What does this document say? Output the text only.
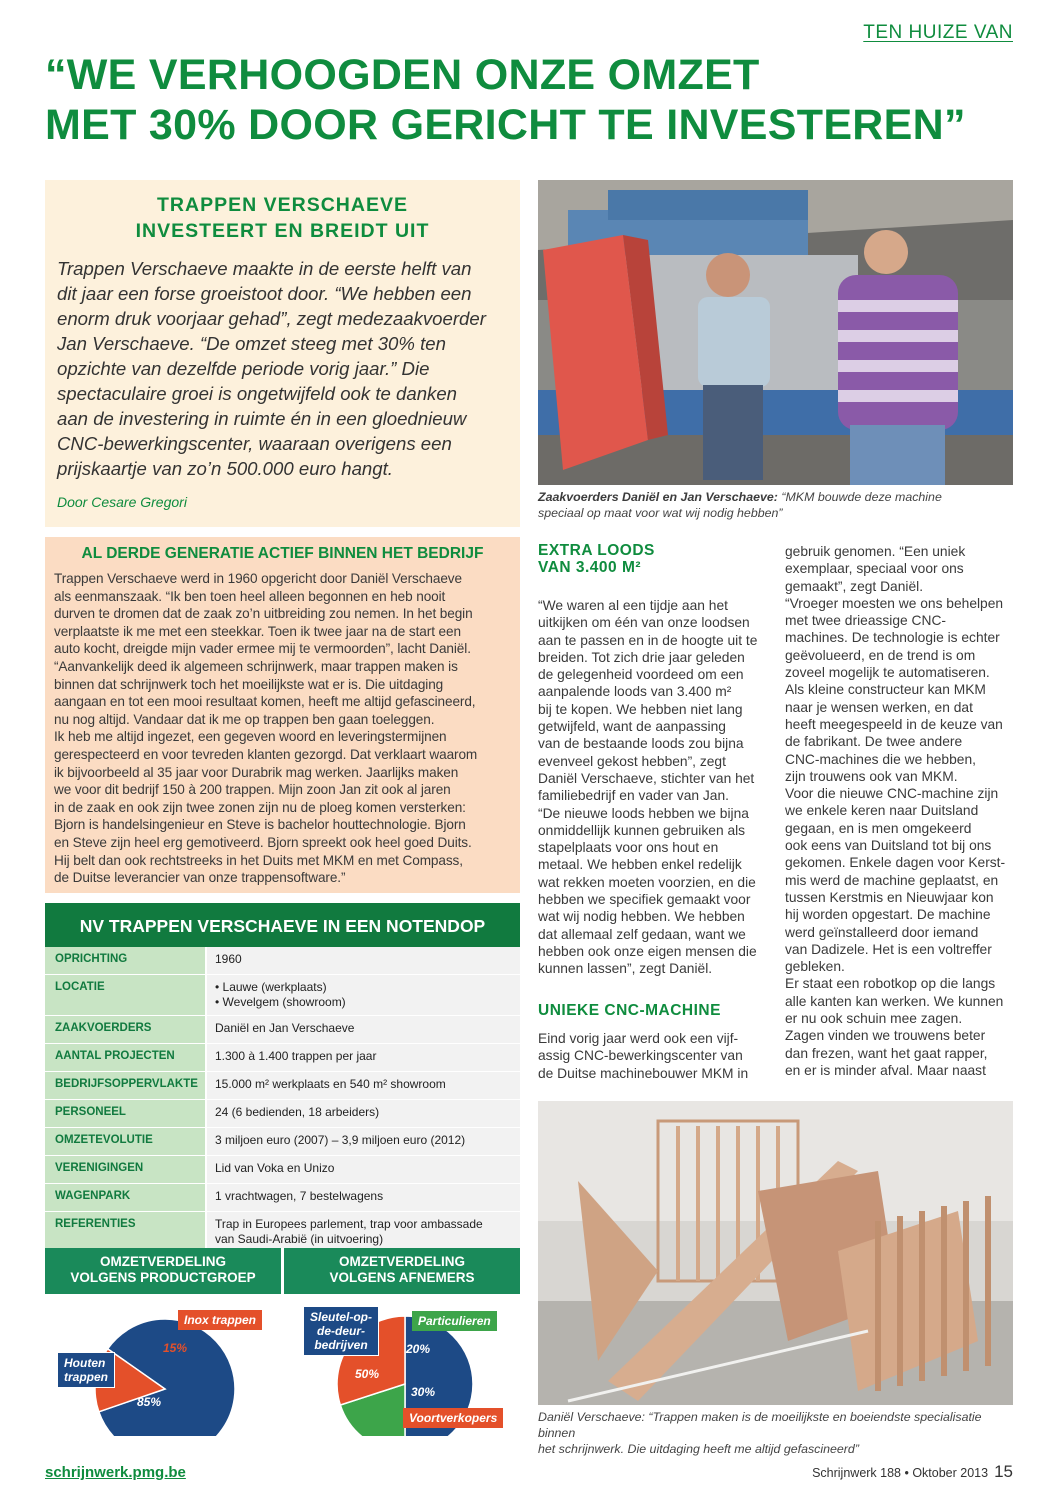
TEN HUIZE VAN
“WE VERHOOGDEN ONZE OMZET
MET 30% DOOR GERICHT TE INVESTEREN”
TRAPPEN VERSCHAEVE
INVESTEERT EN BREIDT UIT
Trappen Verschaeve maakte in de eerste helft van
dit jaar een forse groeistoot door. “We hebben een
enorm druk voorjaar gehad”, zegt medezaakvoerder
Jan Verschaeve. “De omzet steeg met 30% ten
opzichte van dezelfde periode vorig jaar.” Die
spectaculaire groei is ongetwijfeld ook te danken
aan de investering in ruimte én in een gloednieuw
CNC-bewerkingscenter, waaraan overigens een
prijskaartje van zo’n 500.000 euro hangt.
Door Cesare Gregori
AL DERDE GENERATIE ACTIEF BINNEN HET BEDRIJF
Trappen Verschaeve werd in 1960 opgericht door Daniël Verschaeve
als eenmanszaak. “Ik ben toen heel alleen begonnen en heb nooit
durven te dromen dat de zaak zo’n uitbreiding zou nemen. In het begin
verplaatste ik me met een steekkar. Toen ik twee jaar na de start een
auto kocht, dreigde mijn vader ermee mij te vermoorden”, lacht Daniël.
“Aanvankelijk deed ik algemeen schrijnwerk, maar trappen maken is
binnen dat schrijnwerk toch het moeilijkste wat er is. Die uitdaging
aangaan en tot een mooi resultaat komen, heeft me altijd gefascineerd,
nu nog altijd. Vandaar dat ik me op trappen ben gaan toeleggen.
Ik heb me altijd ingezet, een gegeven woord en leveringstermijnen
gerespecteerd en voor tevreden klanten gezorgd. Dat verklaart waarom
ik bijvoorbeeld al 35 jaar voor Durabrik mag werken. Jaarlijks maken
we voor dit bedrijf 150 à 200 trappen. Mijn zoon Jan zit ook al jaren
in de zaak en ook zijn twee zonen zijn nu de ploeg komen versterken:
Bjorn is handelsingenieur en Steve is bachelor houttechnologie. Bjorn
en Steve zijn heel erg gemotiveerd. Bjorn spreekt ook heel goed Duits.
Hij belt dan ook rechtstreeks in het Duits met MKM en met Compass,
de Duitse leverancier van onze trappensoftware.”
NV TRAPPEN VERSCHAEVE IN EEN NOTENDOP
OPRICHTING	1960
LOCATIE	• Lauwe (werkplaats)
• Wevelgem (showroom)
ZAAKVOERDERS	Daniël en Jan Verschaeve
AANTAL PROJECTEN	1.300 à 1.400 trappen per jaar
BEDRIJFSOPPERVLAKTE	15.000 m² werkplaats en 540 m² showroom
PERSONEEL	24 (6 bedienden, 18 arbeiders)
OMZETEVOLUTIE	3 miljoen euro (2007) – 3,9 miljoen euro (2012)
VERENIGINGEN	Lid van Voka en Unizo
WAGENPARK	1 vrachtwagen, 7 bestelwagens
REFERENTIES	Trap in Europees parlement, trap voor ambassade
van Saudi-Arabië (in uitvoering)
OMZETVERDELING
VOLGENS PRODUCTGROEP
OMZETVERDELING
VOLGENS AFNEMERS
Inox trappen
Houten
trappen
15%
85%
Sleutel-op-
de-deur-
bedrijven
Particulieren
Voortverkopers
50%
20%
30%
Zaakvoerders Daniël en Jan Verschaeve: “MKM bouwde deze machine
speciaal op maat voor wat wij nodig hebben”
EXTRA LOODS
VAN 3.400 M²
“We waren al een tijdje aan het
uitkijken om één van onze loodsen
aan te passen en in de hoogte uit te
breiden. Tot zich drie jaar geleden
de gelegenheid voordeed om een
aanpalende loods van 3.400 m²
bij te kopen. We hebben niet lang
getwijfeld, want de aanpassing
van de bestaande loods zou bijna
evenveel gekost hebben”, zegt
Daniël Verschaeve, stichter van het
familiebedrijf en vader van Jan.
“De nieuwe loods hebben we bijna
onmiddellijk kunnen gebruiken als
stapelplaats voor ons hout en
metaal. We hebben enkel redelijk
wat rekken moeten voorzien, en die
hebben we specifiek gemaakt voor
wat wij nodig hebben. We hebben
dat allemaal zelf gedaan, want we
hebben ook onze eigen mensen die
kunnen lassen”, zegt Daniël.
UNIEKE CNC-MACHINE
Eind vorig jaar werd ook een vijf-
assig CNC-bewerkingscenter van
de Duitse machinebouwer MKM in
gebruik genomen. “Een uniek
exemplaar, speciaal voor ons
gemaakt”, zegt Daniël.
“Vroeger moesten we ons behelpen
met twee drieassige CNC-
machines. De technologie is echter
geëvolueerd, en de trend is om
zoveel mogelijk te automatiseren.
Als kleine constructeur kan MKM
naar je wensen werken, en dat
heeft meegespeeld in de keuze van
de fabrikant. De twee andere
CNC-machines die we hebben,
zijn trouwens ook van MKM.
Voor die nieuwe CNC-machine zijn
we enkele keren naar Duitsland
gegaan, en is men omgekeerd
ook eens van Duitsland tot bij ons
gekomen. Enkele dagen voor Kerst-
mis werd de machine geplaatst, en
tussen Kerstmis en Nieuwjaar kon
hij worden opgestart. De machine
werd geïnstalleerd door iemand
van Dadizele. Het is een voltreffer
gebleken.
Er staat een robotkop op die langs
alle kanten kan werken. We kunnen
er nu ook schuin mee zagen.
Zagen vinden we trouwens beter
dan frezen, want het gaat rapper,
en er is minder afval. Maar naast
Daniël Verschaeve: “Trappen maken is de moeilijkste en boeiendste specialisatie binnen
het schrijnwerk. Die uitdaging heeft me altijd gefascineerd”
schrijnwerk.pmg.be	Schrijnwerk 188 • Oktober 2013 15
